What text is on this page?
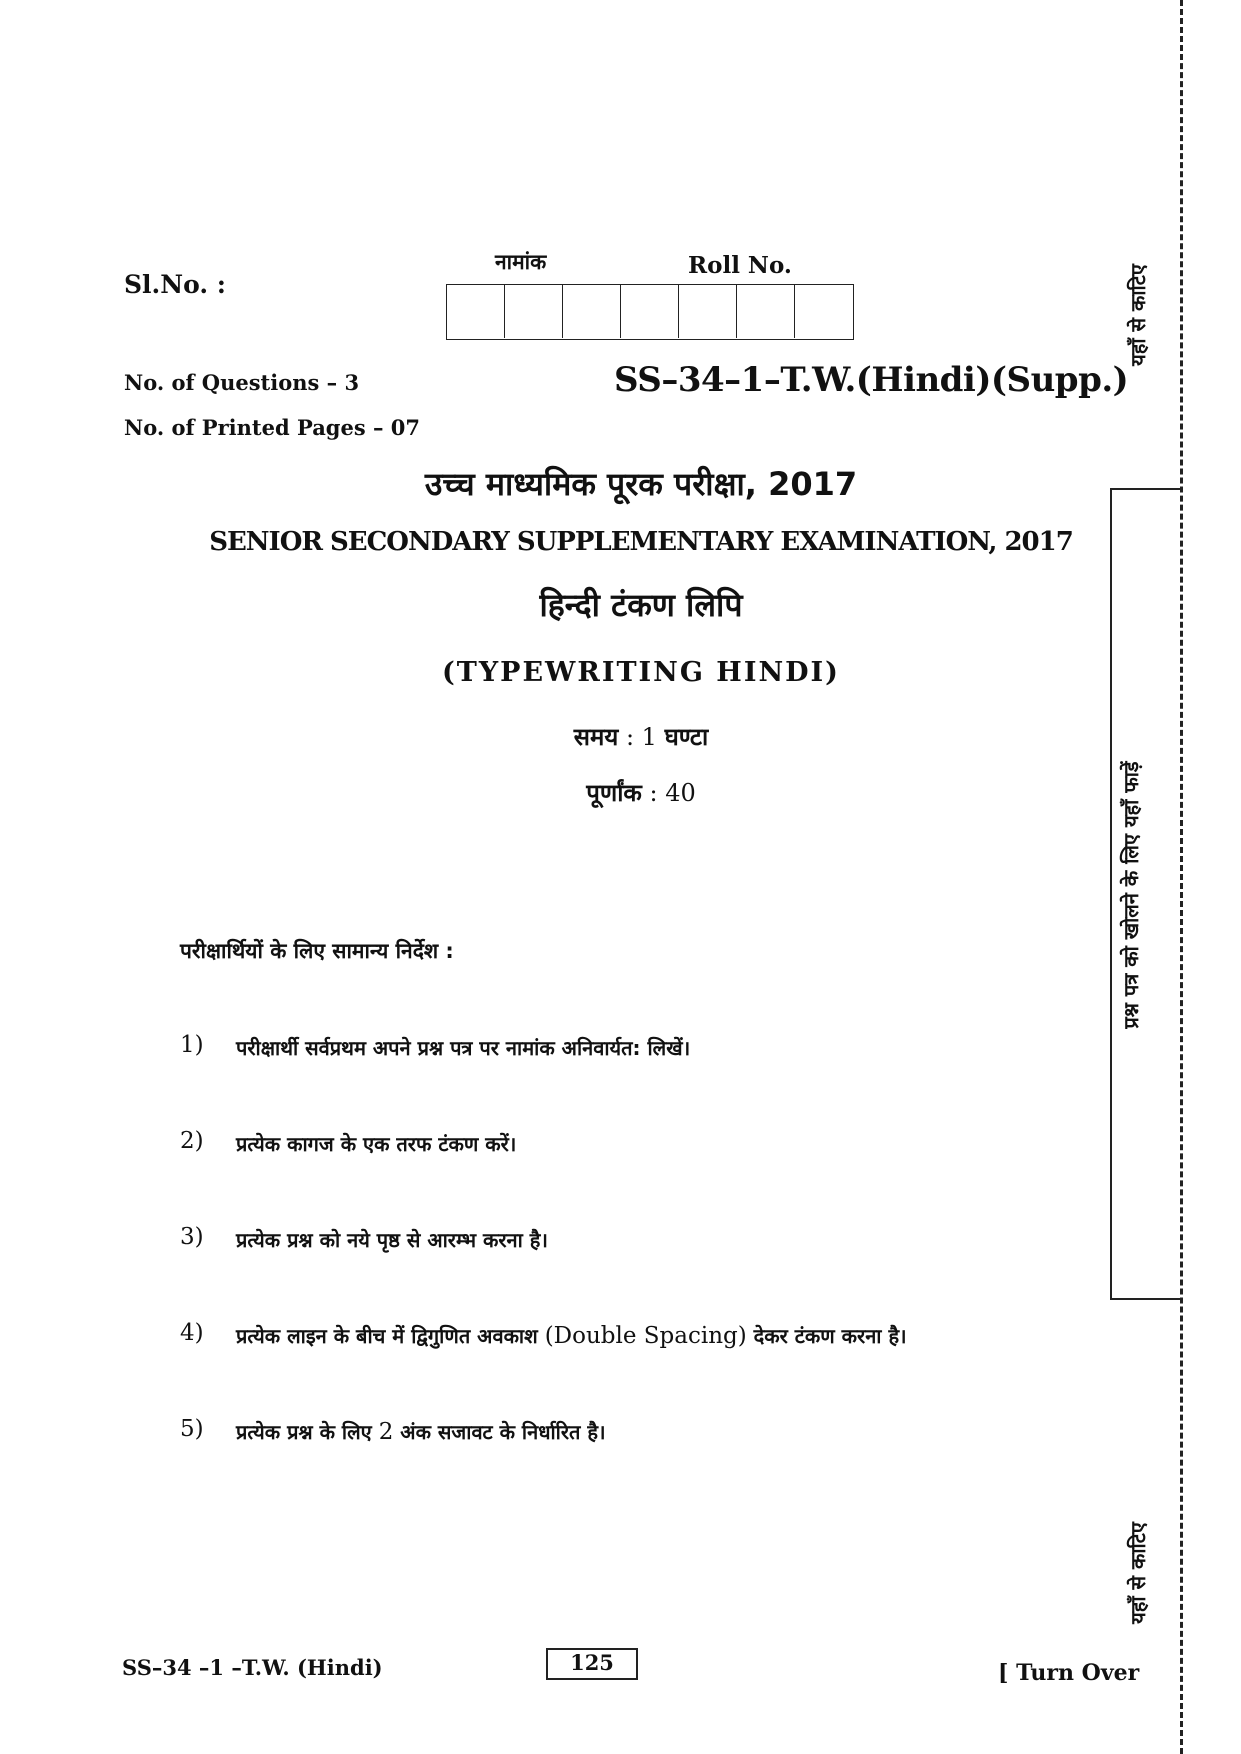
यहाँ से काटिए
प्रश्न पत्र को खोलने के लिए यहाँ फाड़ें
यहाँ से काटिए
Sl.No. :
नामांक	Roll No.
No. of Questions – 3
No. of Printed Pages – 07
SS–34–1–T.W.(Hindi)(Supp.)
उच्च माध्यमिक पूरक परीक्षा, 2017
SENIOR SECONDARY SUPPLEMENTARY EXAMINATION, 2017
हिन्दी टंकण लिपि
(TYPEWRITING HINDI)
समय : 1 घण्टा
पूर्णांक : 40
परीक्षार्थियों के लिए सामान्य निर्देश :
1)	परीक्षार्थी सर्वप्रथम अपने प्रश्न पत्र पर नामांक अनिवार्यत: लिखें।
2)	प्रत्येक कागज के एक तरफ टंकण करें।
3)	प्रत्येक प्रश्न को नये पृष्ठ से आरम्भ करना है।
4)	प्रत्येक लाइन के बीच में द्विगुणित अवकाश (Double Spacing) देकर टंकण करना है।
5)	प्रत्येक प्रश्न के लिए 2 अंक सजावट के निर्धारित है।
SS–34 –1 –T.W. (Hindi)	125	[ Turn Over
